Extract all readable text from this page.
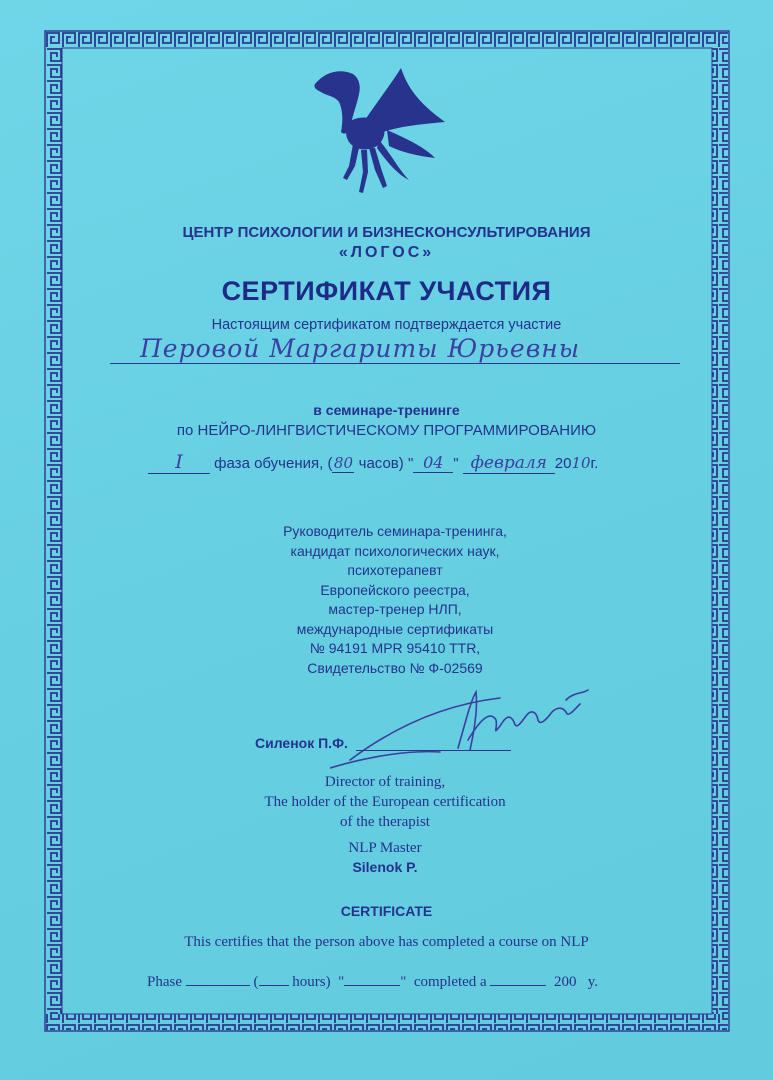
ЦЕНТР ПСИХОЛОГИИ И БИЗНЕСКОНСУЛЬТИРОВАНИЯ
«ЛОГОС»
СЕРТИФИКАТ УЧАСТИЯ
Настоящим сертификатом подтверждается участие
Перовой Маргариты Юрьевны
в семинаре-тренинге
по НЕЙРО-ЛИНГВИСТИЧЕСКОМУ ПРОГРАММИРОВАНИЮ
I фаза обучения, (80 часов) " 04 " февраля 2010г.
Руководитель семинара-тренинга,
кандидат психологических наук,
психотерапевт
Европейского реестра,
мастер-тренер НЛП,
международные сертификаты
№ 94191 MPR 95410 TTR,
Свидетельство № Ф-02569
Силенок П.Ф.
Director of training,
The holder of the European certification
of the therapist
NLP Master
Silenok P.
CERTIFICATE
This certifies that the person above has completed a course on NLP
Phase	( hours) "	" completed a	200 y.
